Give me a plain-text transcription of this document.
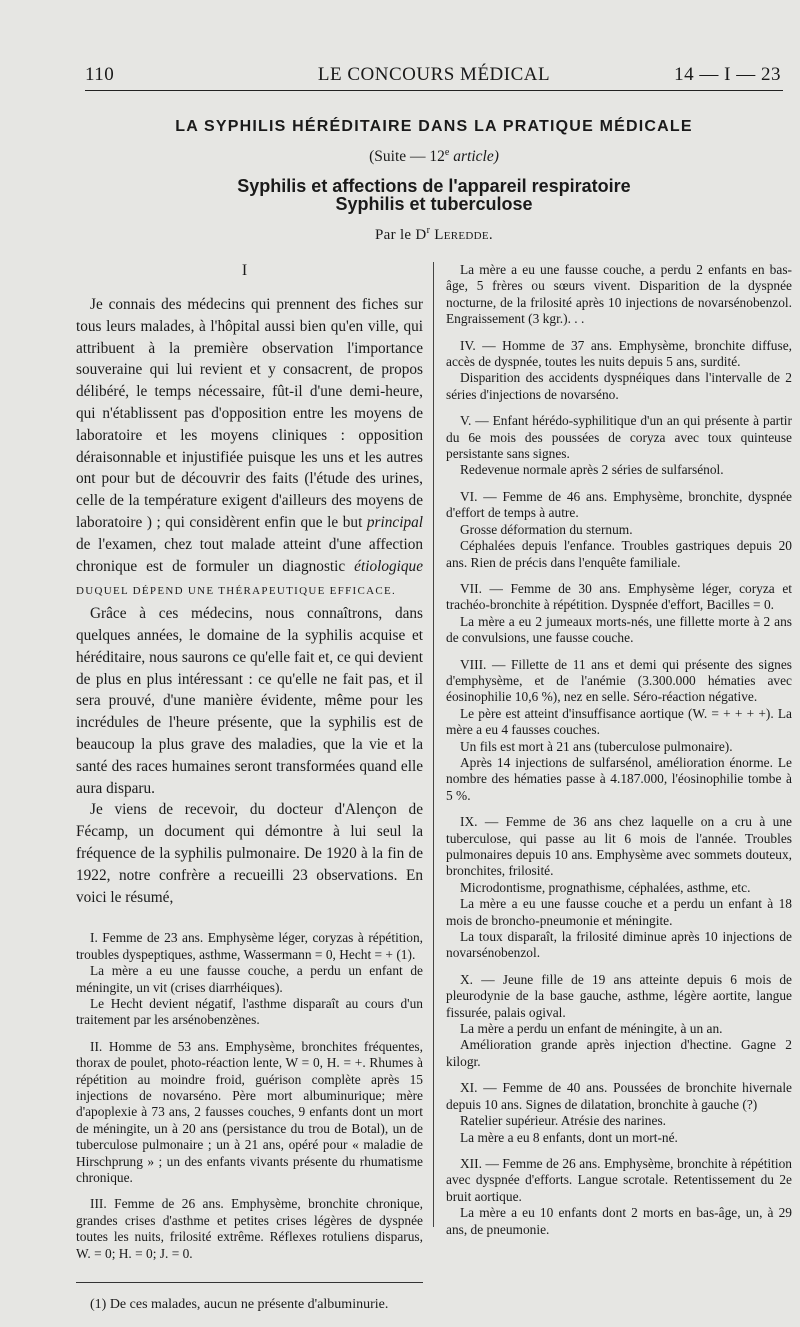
110	LE CONCOURS MÉDICAL	14 — I — 23

LA SYPHILIS HÉRÉDITAIRE DANS LA PRATIQUE MÉDICALE

(Suite — 12e article)
Syphilis et affections de l'appareil respiratoire
Syphilis et tuberculose
Par le $D^r$ Leredde.

I

Je connais des médecins qui prennent des fiches sur tous leurs malades, à l'hôpital aussi bien qu'en ville, qui attribuent à la première observation l'importance souveraine qui lui revient et y consacrent, de propos délibéré, le temps nécessaire, fût-il d'une demi-heure, qui n'établissent pas d'opposition entre les moyens de laboratoire et les moyens cliniques : opposition déraisonnable et injustifiée puisque les uns et les autres ont pour but de découvrir des faits (l'étude des urines, celle de la température exigent d'ailleurs des moyens de laboratoire ) ; qui considèrent enfin que le but principal de l'examen, chez tout malade atteint d'une affection chronique est de formuler un diagnostic étiologique DUQUEL DÉPEND UNE THÉRAPEUTIQUE EFFICACE.

Grâce à ces médecins, nous connaîtrons, dans quelques années, le domaine de la syphilis acquise et héréditaire, nous saurons ce qu'elle fait et, ce qui devient de plus en plus intéressant : ce qu'elle ne fait pas, et il sera prouvé, d'une manière évidente, même pour les incrédules de l'heure présente, que la syphilis est de beaucoup la plus grave des maladies, que la vie et la santé des races humaines seront transformées quand elle aura disparu.

Je viens de recevoir, du docteur d'Alençon de Fécamp, un document qui démontre à lui seul la fréquence de la syphilis pulmonaire. De 1920 à la fin de 1922, notre confrère a recueilli 23 observations. En voici le résumé,

I. Femme de 23 ans. Emphysème léger, coryzas à répétition, troubles dyspeptiques, asthme, Wassermann = 0, Hecht = + (1).

La mère a eu une fausse couche, a perdu un enfant de méningite, un vit (crises diarrhéiques).

Le Hecht devient négatif, l'asthme disparaît au cours d'un traitement par les arsénobenzènes.

II. Homme de 53 ans. Emphysème, bronchites fréquentes, thorax de poulet, photo-réaction lente, W = 0, H. = +. Rhumes à répétition au moindre froid, guérison complète après 15 injections de novarséno. Père mort albuminurique; mère d'apoplexie à 73 ans, 2 fausses couches, 9 enfants dont un mort de méningite, un à 20 ans (persistance du trou de Botal), un de tuberculose pulmonaire ; un à 21 ans, opéré pour « maladie de Hirschprung » ; un des enfants vivants présente du rhumatisme chronique.

III. Femme de 26 ans. Emphysème, bronchite chronique, grandes crises d'asthme et petites crises légères de dyspnée toutes les nuits, frilosité extrême. Réflexes rotuliens disparus, W. = 0; H. = 0; J. = 0.

(1) De ces malades, aucun ne présente d'albuminurie.

La mère a eu une fausse couche, a perdu 2 enfants en bas-âge, 5 frères ou sœurs vivent. Disparition de la dyspnée nocturne, de la frilosité après 10 injections de novarsénobenzol. Engraissement (3 kgr.). . .

IV. — Homme de 37 ans. Emphysème, bronchite diffuse, accès de dyspnée, toutes les nuits depuis 5 ans, surdité.

Disparition des accidents dyspnéiques dans l'intervalle de 2 séries d'injections de novarséno.

V. — Enfant hérédo-syphilitique d'un an qui présente à partir du 6e mois des poussées de coryza avec toux quinteuse persistante sans signes.

Redevenue normale après 2 séries de sulfarsénol.

VI. — Femme de 46 ans. Emphysème, bronchite, dyspnée d'effort de temps à autre.

Grosse déformation du sternum.

Céphalées depuis l'enfance. Troubles gastriques depuis 20 ans. Rien de précis dans l'enquête familiale.

VII. — Femme de 30 ans. Emphysème léger, coryza et trachéo-bronchite à répétition. Dyspnée d'effort, Bacilles = 0.

La mère a eu 2 jumeaux morts-nés, une fillette morte à 2 ans de convulsions, une fausse couche.

VIII. — Fillette de 11 ans et demi qui présente des signes d'emphysème, et de l'anémie (3.300.000 hématies avec éosinophilie 10,6 %), nez en selle. Séro-réaction négative.

Le père est atteint d'insuffisance aortique (W. = + + + +). La mère a eu 4 fausses couches.

Un fils est mort à 21 ans (tuberculose pulmonaire).

Après 14 injections de sulfarsénol, amélioration énorme. Le nombre des hématies passe à 4.187.000, l'éosinophilie tombe à 5 %.

IX. — Femme de 36 ans chez laquelle on a cru à une tuberculose, qui passe au lit 6 mois de l'année. Troubles pulmonaires depuis 10 ans. Emphysème avec sommets douteux, bronchites, frilosité.

Microdontisme, prognathisme, céphalées, asthme, etc.

La mère a eu une fausse couche et a perdu un enfant à 18 mois de broncho-pneumonie et méningite.

La toux disparaît, la frilosité diminue après 10 injections de novarsénobenzol.

X. — Jeune fille de 19 ans atteinte depuis 6 mois de pleurodynie de la base gauche, asthme, légère aortite, langue fissurée, palais ogival.

La mère a perdu un enfant de méningite, à un an.

Amélioration grande après injection d'hectine. Gagne 2 kilogr.

XI. — Femme de 40 ans. Poussées de bronchite hivernale depuis 10 ans. Signes de dilatation, bronchite à gauche (?)

Ratelier supérieur. Atrésie des narines.

La mère a eu 8 enfants, dont un mort-né.

XII. — Femme de 26 ans. Emphysème, bronchite à répétition avec dyspnée d'efforts. Langue scrotale. Retentissement du 2e bruit aortique.

La mère a eu 10 enfants dont 2 morts en bas-âge, un, à 29 ans, de pneumonie.
